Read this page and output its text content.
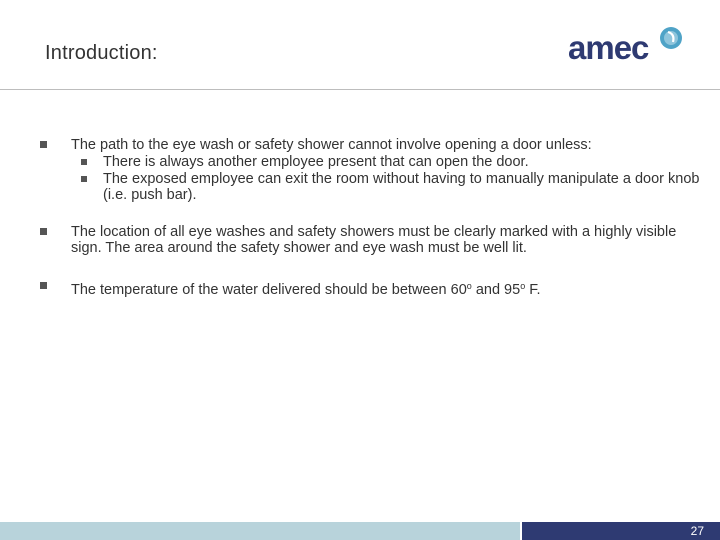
Introduction:	amec
The path to the eye wash or safety shower cannot involve opening a door unless:
There is always another employee present that can open the door.
The exposed employee can exit the room without having to manually manipulate a door knob (i.e. push bar).
The location of all eye washes and safety showers must be clearly marked with a highly visible sign. The area around the safety shower and eye wash must be well lit.
The temperature of the water delivered should be between 60$^o$ and 95$^o$ F.
27
